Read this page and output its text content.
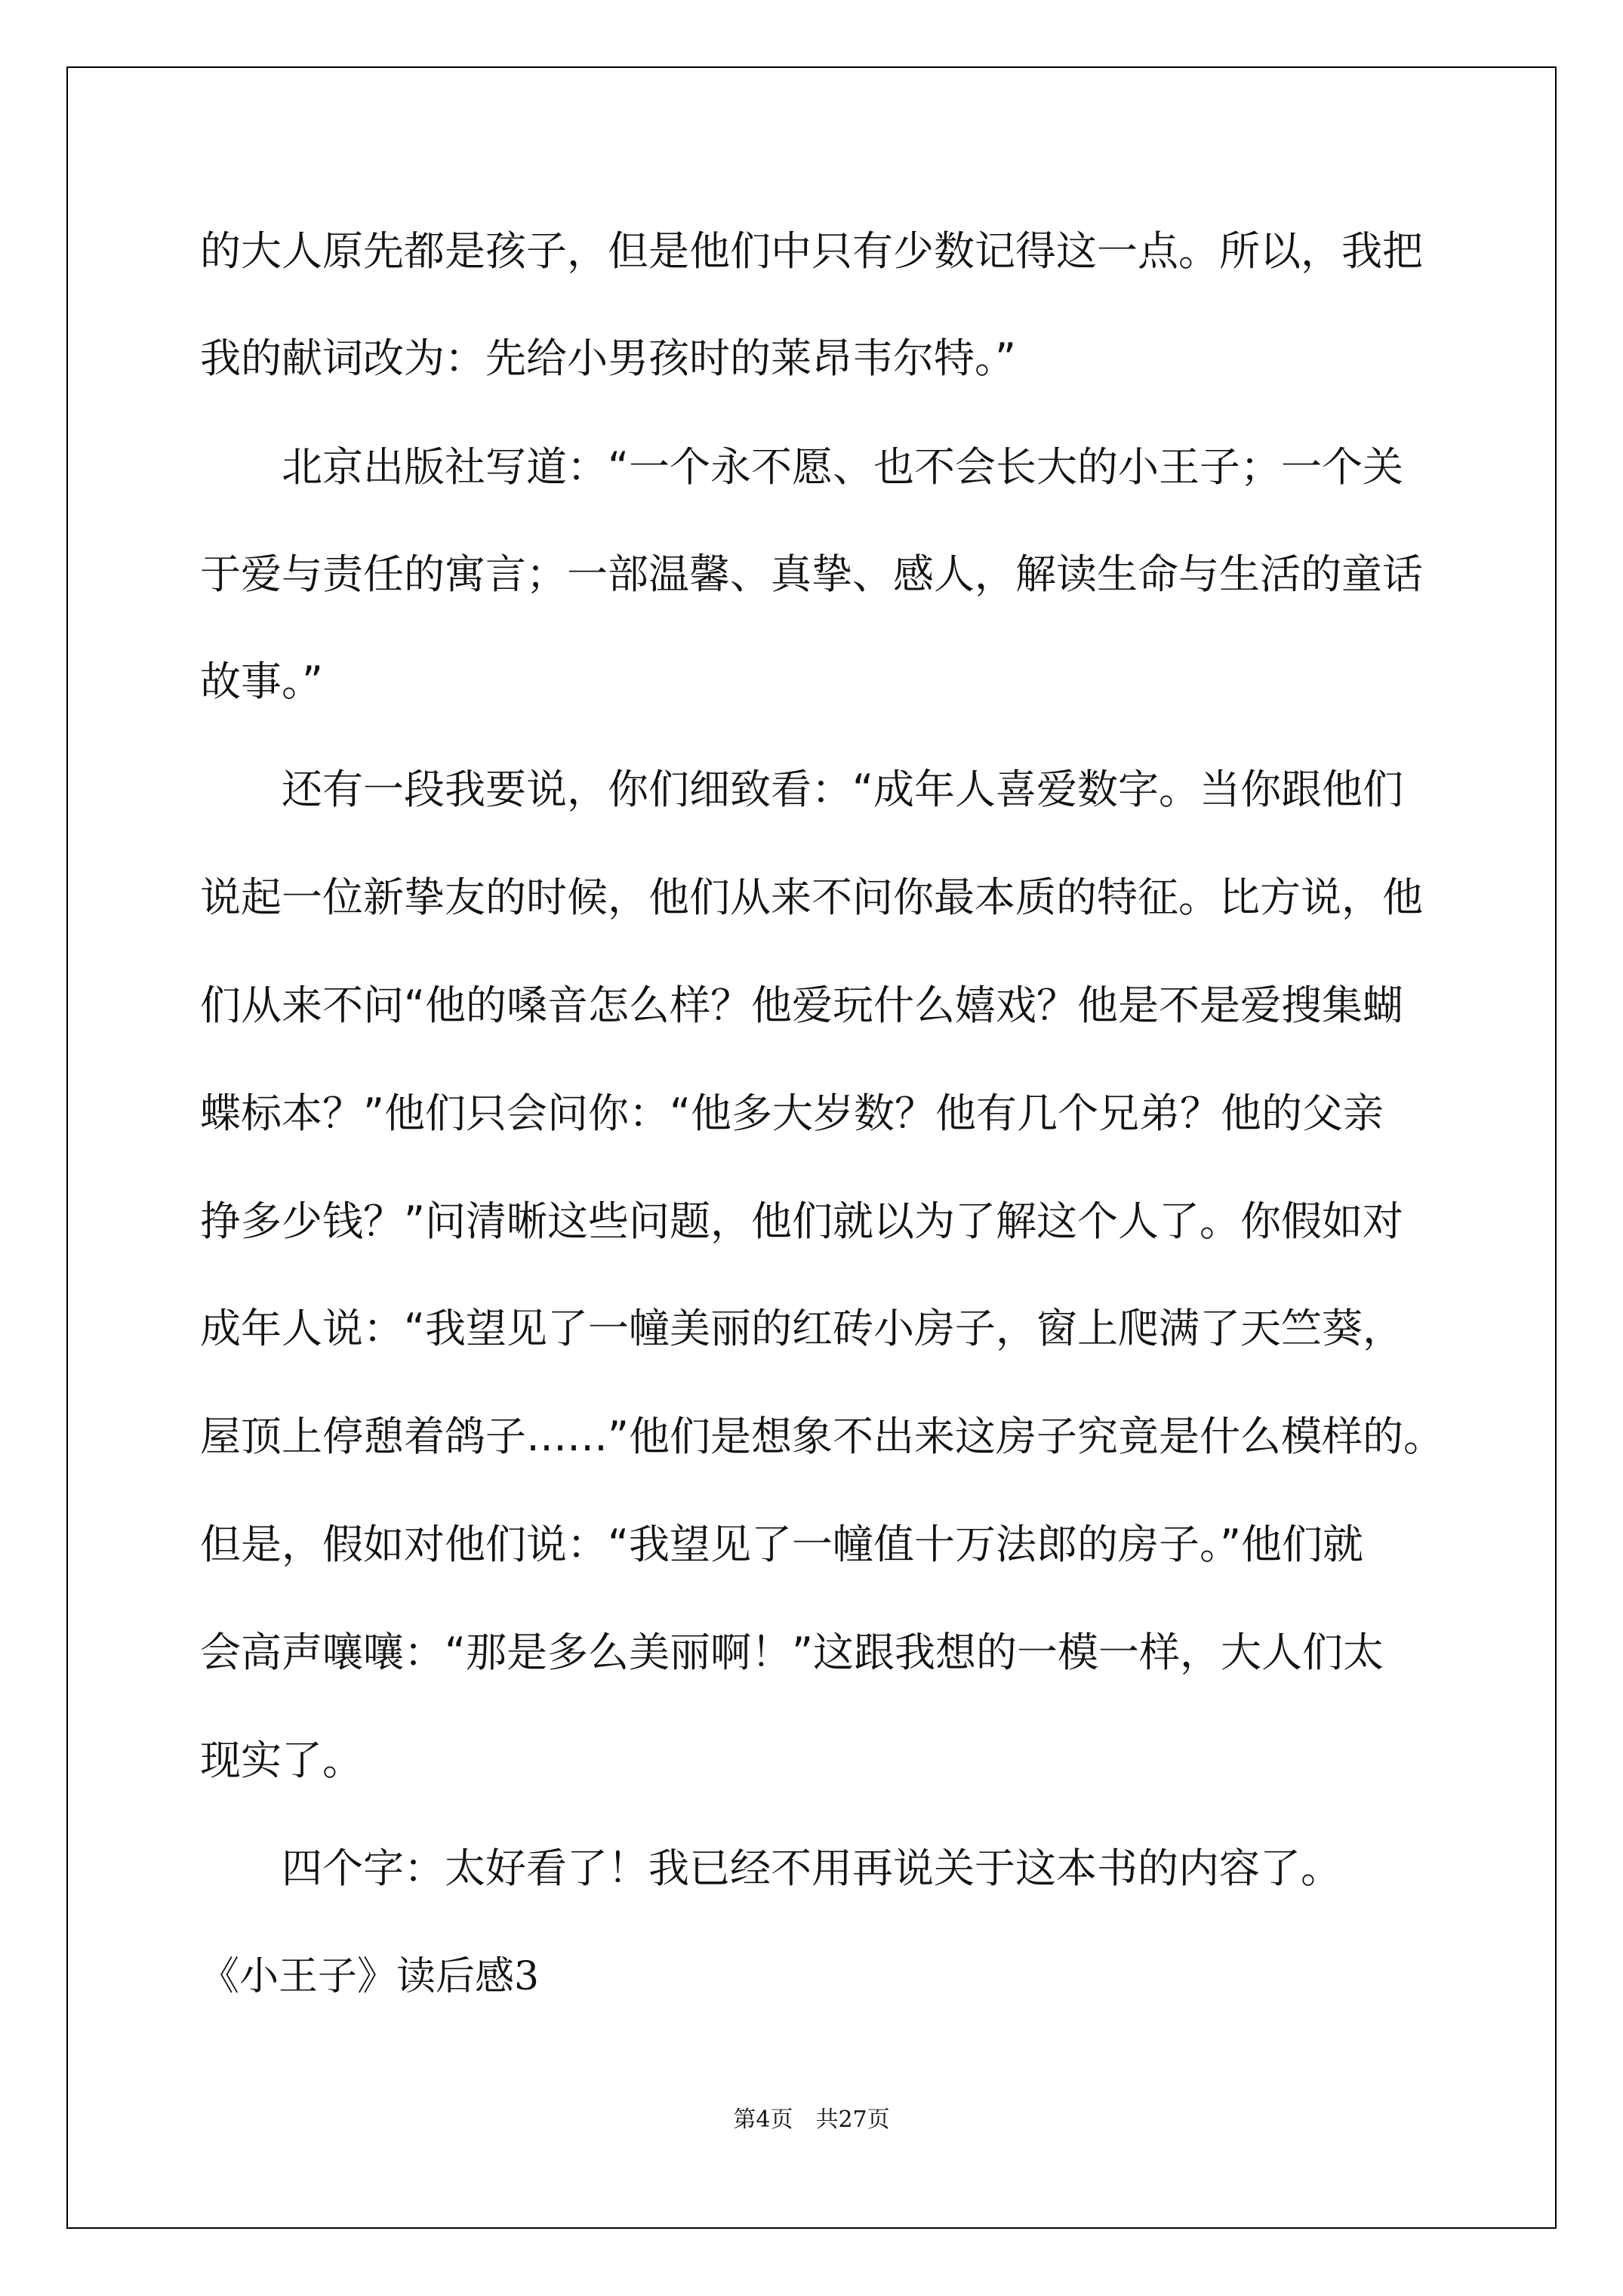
的大人原先都是孩子，但是他们中只有少数记得这一点。所以，我把
我的献词改为：先给小男孩时的莱昂韦尔特。”
北京出版社写道：“一个永不愿、也不会长大的小王子；一个关
于爱与责任的寓言；一部温馨、真挚、感人，解读生命与生活的童话
故事。”
还有一段我要说，你们细致看：“成年人喜爱数字。当你跟他们
说起一位新挚友的时候，他们从来不问你最本质的特征。比方说，他
们从来不问“他的嗓音怎么样？他爱玩什么嬉戏？他是不是爱搜集蝴
蝶标本？”他们只会问你：“他多大岁数？他有几个兄弟？他的父亲
挣多少钱？”问清晰这些问题，他们就以为了解这个人了。你假如对
成年人说：“我望见了一幢美丽的红砖小房子，窗上爬满了天竺葵，
屋顶上停憩着鸽子……”他们是想象不出来这房子究竟是什么模样的。
但是，假如对他们说：“我望见了一幢值十万法郎的房子。”他们就
会高声嚷嚷：“那是多么美丽啊！”这跟我想的一模一样，大人们太
现实了。
四个字：太好看了！我已经不用再说关于这本书的内容了。
《小王子》读后感3
第4页　共27页
